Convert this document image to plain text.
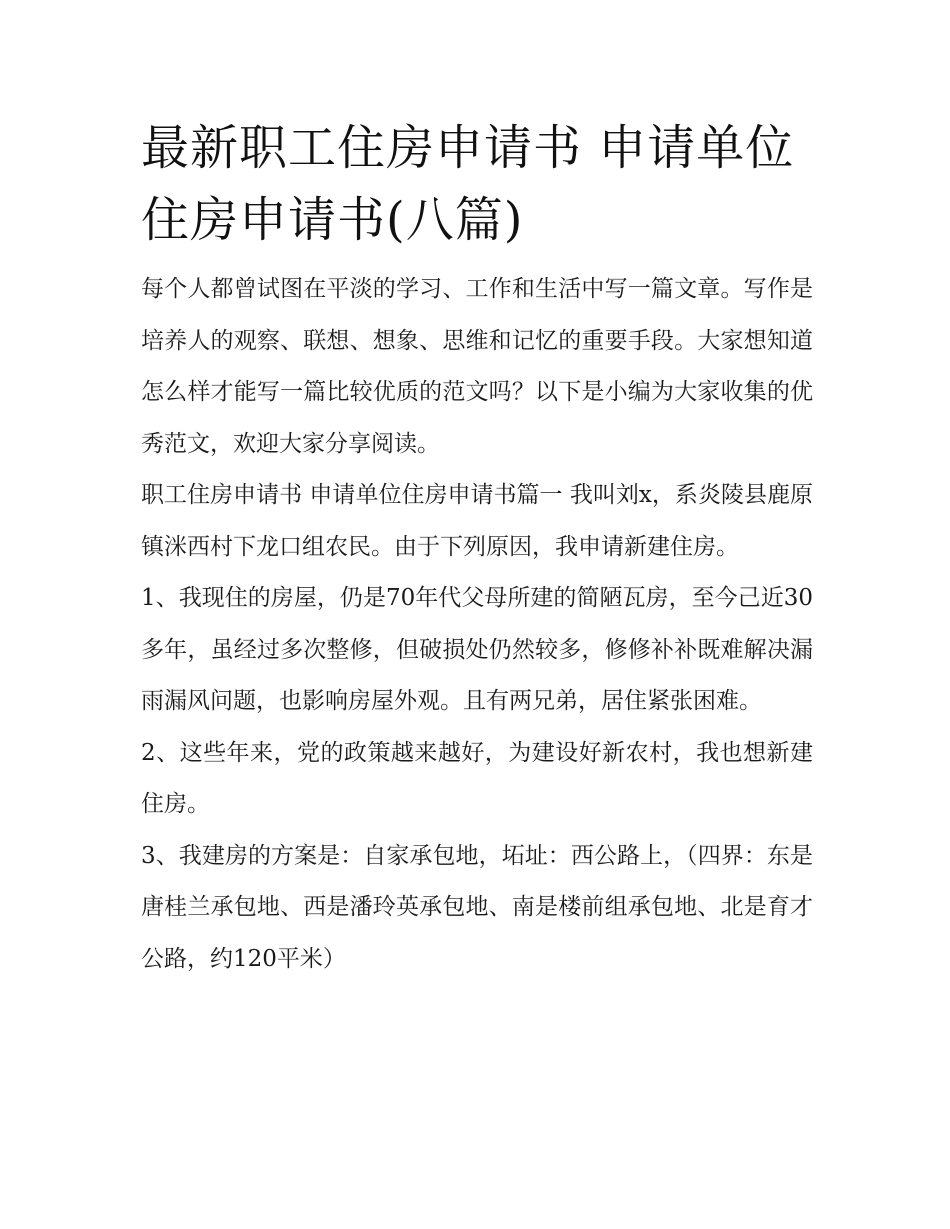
最新职工住房申请书 申请单位住房申请书(八篇)

每个人都曾试图在平淡的学习、工作和生活中写一篇文章。写作是培养人的观察、联想、想象、思维和记忆的重要手段。大家想知道怎么样才能写一篇比较优质的范文吗？以下是小编为大家收集的优秀范文，欢迎大家分享阅读。

职工住房申请书 申请单位住房申请书篇一 我叫刘x，系炎陵县鹿原镇洣西村下龙口组农民。由于下列原因，我申请新建住房。

1、我现住的房屋，仍是70年代父母所建的简陋瓦房，至今己近30多年，虽经过多次整修，但破损处仍然较多，修修补补既难解决漏雨漏风问题，也影响房屋外观。且有两兄弟，居住紧张困难。

2、这些年来，党的政策越来越好，为建设好新农村，我也想新建住房。

3、我建房的方案是：自家承包地，坧址：西公路上，（四界：东是唐桂兰承包地、西是潘玲英承包地、南是楼前组承包地、北是育才公路，约120平米）
